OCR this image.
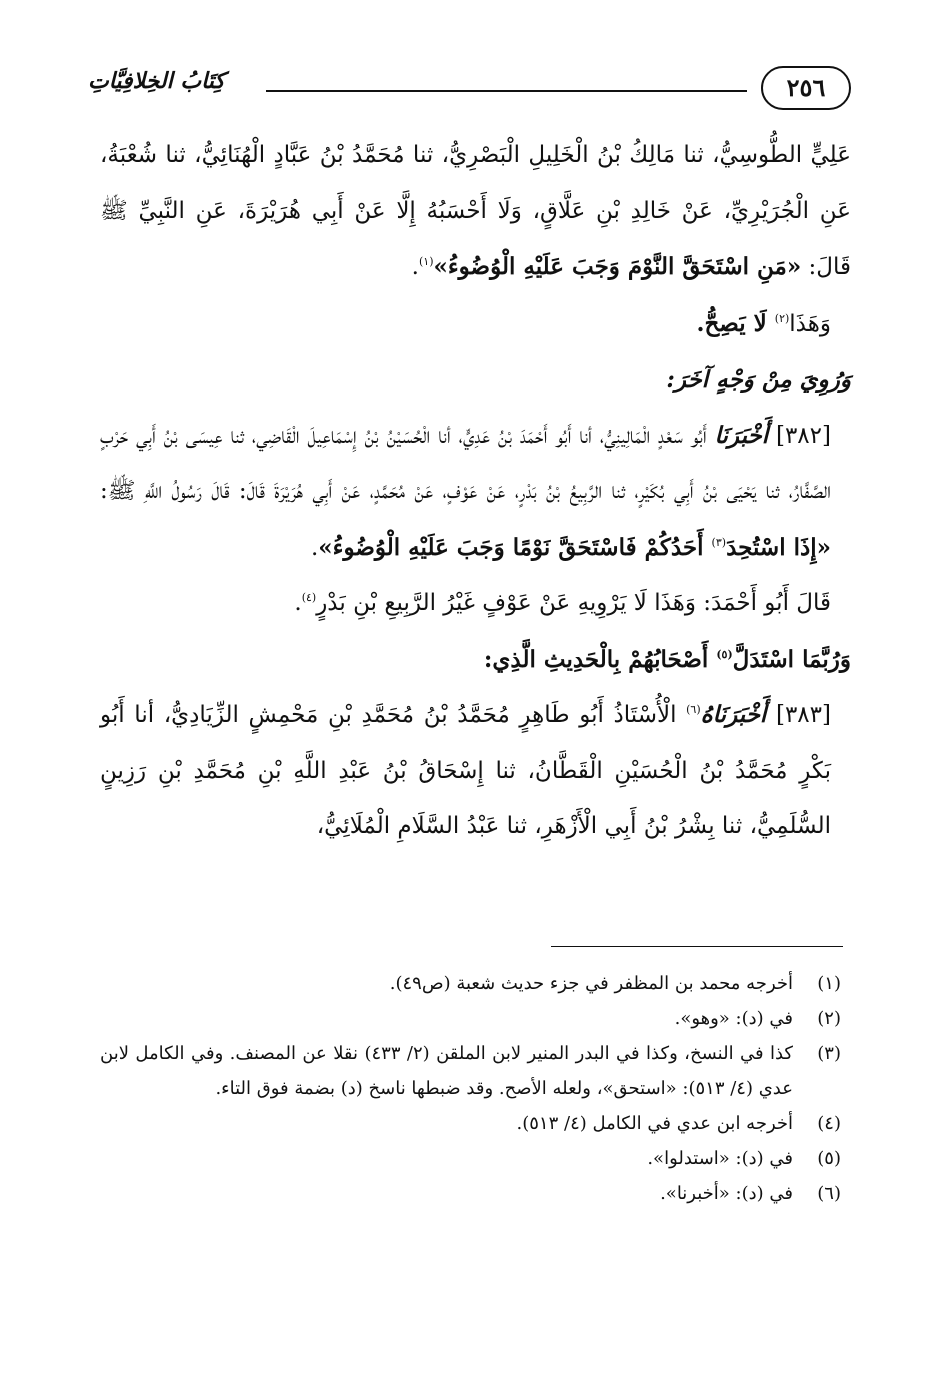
٢٥٦
كِتَابُ الخِلافِيَّاتِ

عَلِيٍّ الطُّوسِيُّ، ثنا مَالِكُ بْنُ الْخَلِيلِ الْبَصْرِيُّ، ثنا مُحَمَّدُ بْنُ عَبَّادٍ الْهُنَائِيُّ، ثنا شُعْبَةُ، عَنِ الْجُرَيْرِيِّ، عَنْ خَالِدِ بْنِ عَلَّاقٍ، وَلَا أَحْسَبُهُ إِلَّا عَنْ أَبِي هُرَيْرَةَ، عَنِ النَّبِيِّ ﷺ قَالَ: «مَنِ اسْتَحَقَّ النَّوْمَ وَجَبَ عَلَيْهِ الْوُضُوءُ»$^{(١)}$.

وَهَذَا$^{(٢)}$ لَا يَصِحُّ.

وَرُوِيَ مِنْ وَجْهٍ آخَرَ:

[٣٨٢] أَخْبَرَنَا أَبُو سَعْدٍ الْمَالِينِيُّ، أنا أَبُو أَحْمَدَ بْنُ عَدِيٍّ، أنا الْحُسَيْنُ بْنُ إِسْمَاعِيلَ الْقَاضِي، ثنا عِيسَى بْنُ أَبِي حَرْبٍ الصَّفَّارُ، ثنا يَحْيَى بْنُ أَبِي بُكَيْرٍ، ثنا الرَّبِيعُ بْنُ بَدْرٍ، عَنْ عَوْفٍ، عَنْ مُحَمَّدٍ، عَنْ أَبِي هُرَيْرَةَ قَالَ: قَالَ رَسُولُ اللَّهِ ﷺ: «إِذَا اسْتُحِدَ$^{(٣)}$ أَحَدُكُمْ فَاسْتَحَقَّ نَوْمًا وَجَبَ عَلَيْهِ الْوُضُوءُ».

قَالَ أَبُو أَحْمَدَ: وَهَذَا لَا يَرْوِيهِ عَنْ عَوْفٍ غَيْرُ الرَّبِيعِ بْنِ بَدْرٍ$^{(٤)}$.

وَرُبَّمَا اسْتَدَلَّ$^{(٥)}$ أَصْحَابُهُمْ بِالْحَدِيثِ الَّذِي:

[٣٨٣] أَخْبَرَنَاهُ$^{(٦)}$ الْأُسْتَاذُ أَبُو طَاهِرٍ مُحَمَّدُ بْنُ مُحَمَّدِ بْنِ مَحْمِشٍ الزِّيَادِيُّ، أنا أَبُو بَكْرٍ مُحَمَّدُ بْنُ الْحُسَيْنِ الْقَطَّانُ، ثنا إِسْحَاقُ بْنُ عَبْدِ اللَّهِ بْنِ مُحَمَّدِ بْنِ رَزِينٍ السُّلَمِيُّ، ثنا بِشْرُ بْنُ أَبِي الْأَزْهَرِ، ثنا عَبْدُ السَّلَامِ الْمُلَائِيُّ،

(١)
أخرجه محمد بن المظفر في جزء حديث شعبة (ص٤٩).

(٢)
في (د): «وهو».

(٣)
كذا في النسخ، وكذا في البدر المنير لابن الملقن (٢/ ٤٣٣) نقلا عن المصنف. وفي الكامل لابن عدي (٤/ ٥١٣): «استحق»، ولعله الأصح. وقد ضبطها ناسخ (د) بضمة فوق التاء.

(٤)
أخرجه ابن عدي في الكامل (٤/ ٥١٣).

(٥)
في (د): «استدلوا».

(٦)
في (د): «أخبرنا».
